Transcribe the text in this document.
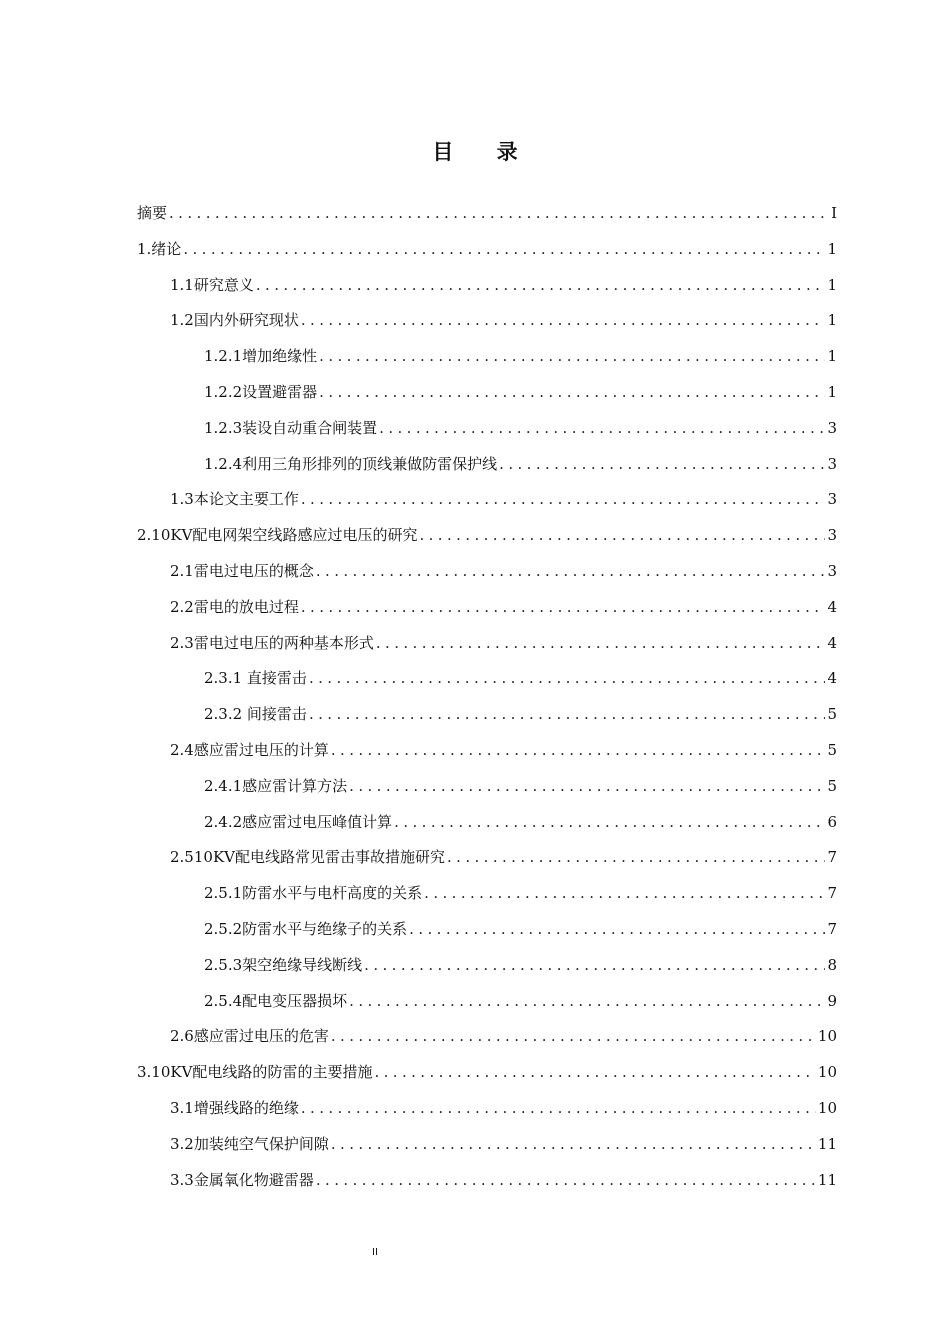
目 录
摘要 .....	I
1.绪论 .....	1
1.1研究意义 .....	1
1.2国内外研究现状 .....	1
1.2.1增加绝缘性 .....	1
1.2.2设置避雷器 .....	1
1.2.3装设自动重合闸装置 .....	3
1.2.4利用三角形排列的顶线兼做防雷保护线 .....	3
1.3本论文主要工作 .....	3
2.10KV配电网架空线路感应过电压的研究 .....	3
2.1雷电过电压的概念 .....	3
2.2雷电的放电过程 .....	4
2.3雷电过电压的两种基本形式 .....	4
2.3.1 直接雷击 .....	4
2.3.2 间接雷击 .....	5
2.4感应雷过电压的计算 .....	5
2.4.1感应雷计算方法 .....	5
2.4.2感应雷过电压峰值计算 .....	6
2.510KV配电线路常见雷击事故措施研究 .....	7
2.5.1防雷水平与电杆高度的关系 .....	7
2.5.2防雷水平与绝缘子的关系 .....	7
2.5.3架空绝缘导线断线 .....	8
2.5.4配电变压器损坏 .....	9
2.6感应雷过电压的危害 .....	10
3.10KV配电线路的防雷的主要措施 .....	10
3.1增强线路的绝缘 .....	10
3.2加装纯空气保护间隙 .....	11
3.3金属氧化物避雷器 .....	11
II
